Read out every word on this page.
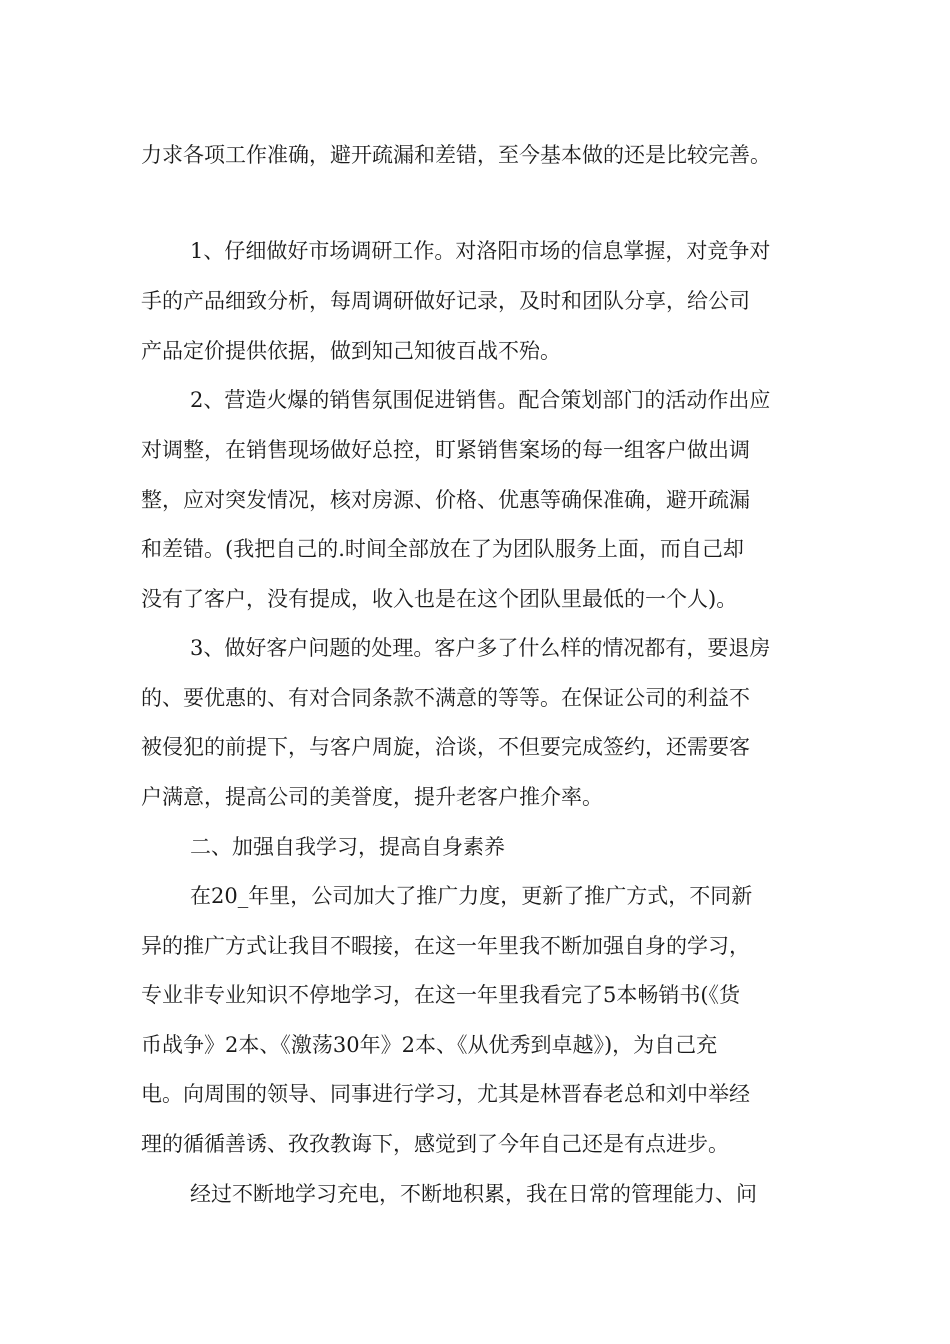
力求各项工作准确，避开疏漏和差错，至今基本做的还是比较完善。

1、仔细做好市场调研工作。对洛阳市场的信息掌握，对竞争对

手的产品细致分析，每周调研做好记录，及时和团队分享，给公司

产品定价提供依据，做到知己知彼百战不殆。

2、营造火爆的销售氛围促进销售。配合策划部门的活动作出应

对调整，在销售现场做好总控，盯紧销售案场的每一组客户做出调

整，应对突发情况，核对房源、价格、优惠等确保准确，避开疏漏

和差错。(我把自己的.时间全部放在了为团队服务上面，而自己却

没有了客户，没有提成，收入也是在这个团队里最低的一个人)。

3、做好客户问题的处理。客户多了什么样的情况都有，要退房

的、要优惠的、有对合同条款不满意的等等。在保证公司的利益不

被侵犯的前提下，与客户周旋，洽谈，不但要完成签约，还需要客

户满意，提高公司的美誉度，提升老客户推介率。

二、加强自我学习，提高自身素养

在20_年里，公司加大了推广力度，更新了推广方式，不同新

异的推广方式让我目不暇接，在这一年里我不断加强自身的学习，

专业非专业知识不停地学习，在这一年里我看完了5本畅销书(《货

币战争》2本、《激荡30年》2本、《从优秀到卓越》)，为自己充

电。向周围的领导、同事进行学习，尤其是林晋春老总和刘中举经

理的循循善诱、孜孜教诲下，感觉到了今年自己还是有点进步。

经过不断地学习充电，不断地积累，我在日常的管理能力、问
